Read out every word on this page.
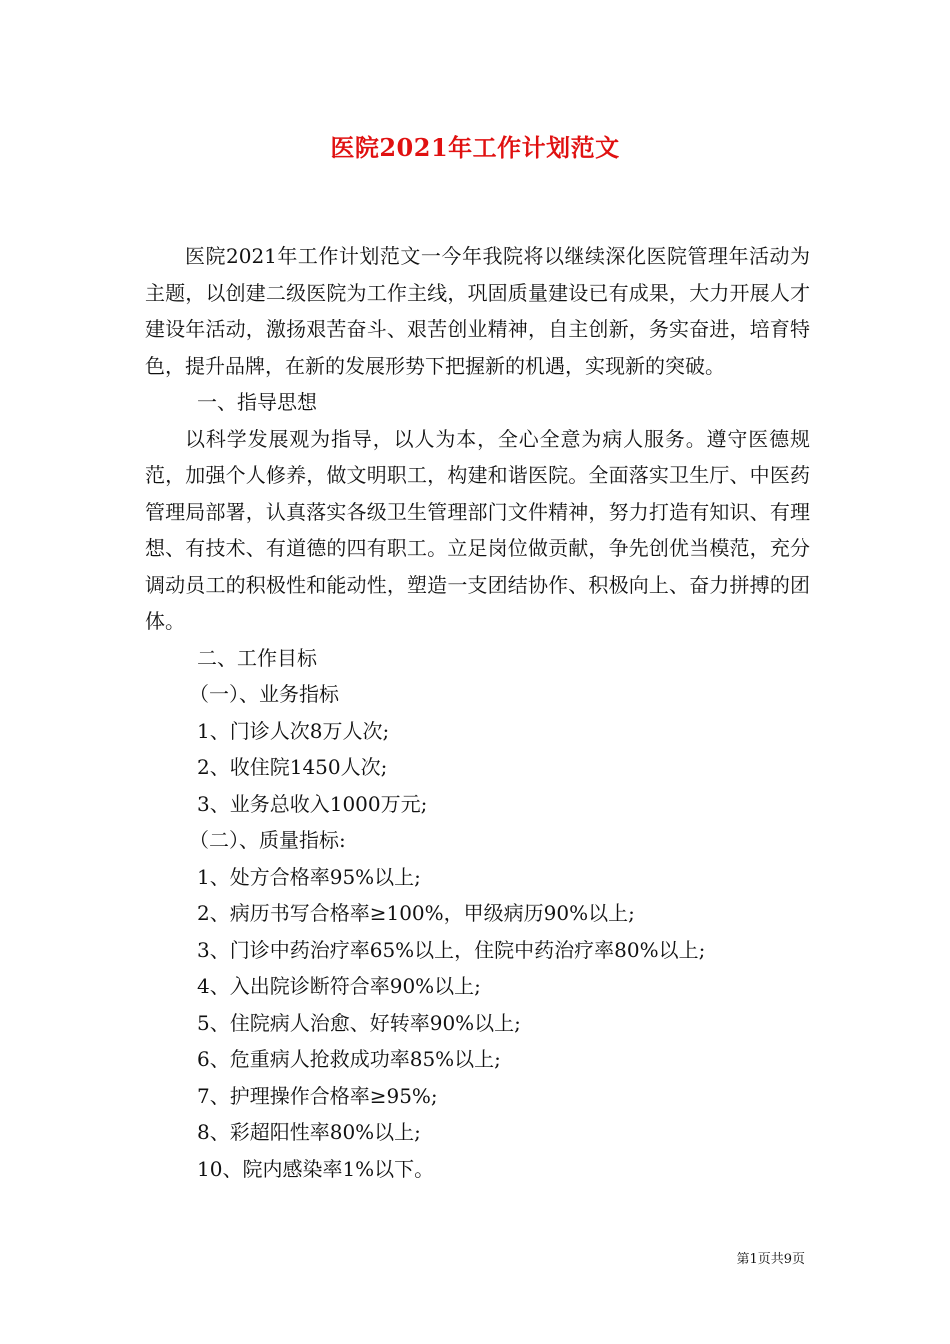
医院2021年工作计划范文

医院2021年工作计划范文一今年我院将以继续深化医院管理年活动为主题，以创建二级医院为工作主线，巩固质量建设已有成果，大力开展人才建设年活动，激扬艰苦奋斗、艰苦创业精神，自主创新，务实奋进，培育特色，提升品牌，在新的发展形势下把握新的机遇，实现新的突破。

一、指导思想

以科学发展观为指导，以人为本，全心全意为病人服务。遵守医德规范，加强个人修养，做文明职工，构建和谐医院。全面落实卫生厅、中医药管理局部署，认真落实各级卫生管理部门文件精神，努力打造有知识、有理想、有技术、有道德的四有职工。立足岗位做贡献，争先创优当模范，充分调动员工的积极性和能动性，塑造一支团结协作、积极向上、奋力拼搏的团体。

二、工作目标

（一）、业务指标

1、门诊人次8万人次;

2、收住院1450人次;

3、业务总收入1000万元;

（二）、质量指标:

1、处方合格率95%以上;

2、病历书写合格率≥100%，甲级病历90%以上;

3、门诊中药治疗率65%以上，住院中药治疗率80%以上;

4、入出院诊断符合率90%以上;

5、住院病人治愈、好转率90%以上;

6、危重病人抢救成功率85%以上;

7、护理操作合格率≥95%;

8、彩超阳性率80%以上;

10、院内感染率1%以下。

第1页共9页
